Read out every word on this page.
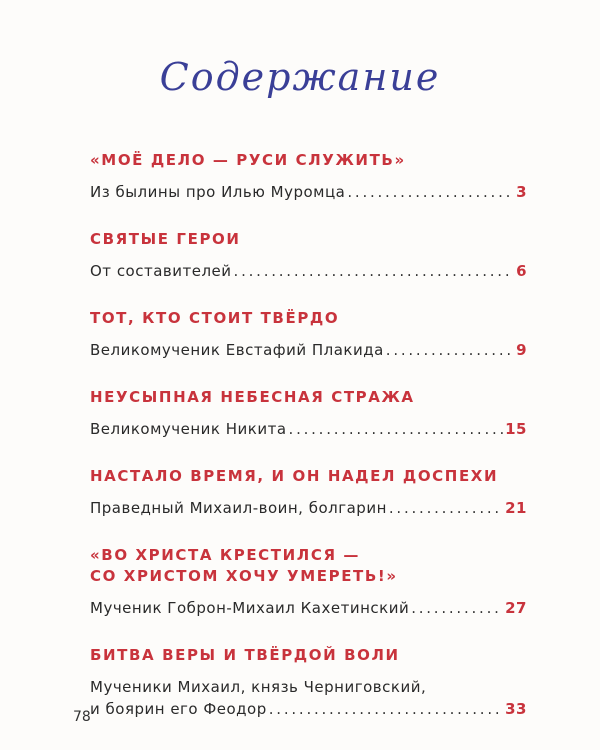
Содержание
«МОЁ ДЕЛО — РУСИ СЛУЖИТЬ»
Из былины про Илью Муромца . . .	3
СВЯТЫЕ ГЕРОИ
От составителей . . .	6
ТОТ, КТО СТОИТ ТВЁРДО
Великомученик Евстафий Плакида . . .	9
НЕУСЫПНАЯ НЕБЕСНАЯ СТРАЖА
Великомученик Никита . . .	15
НАСТАЛО ВРЕМЯ, И ОН НАДЕЛ ДОСПЕХИ
Праведный Михаил-воин, болгарин . . .	21
«ВО ХРИСТА КРЕСТИЛСЯ —
СО ХРИСТОМ ХОЧУ УМЕРЕТЬ!»
Мученик Гоброн-Михаил Кахетинский . . .	27
БИТВА ВЕРЫ И ТВЁРДОЙ ВОЛИ
Мученики Михаил, князь Черниговский,
и боярин его Феодор . . .	33
78
